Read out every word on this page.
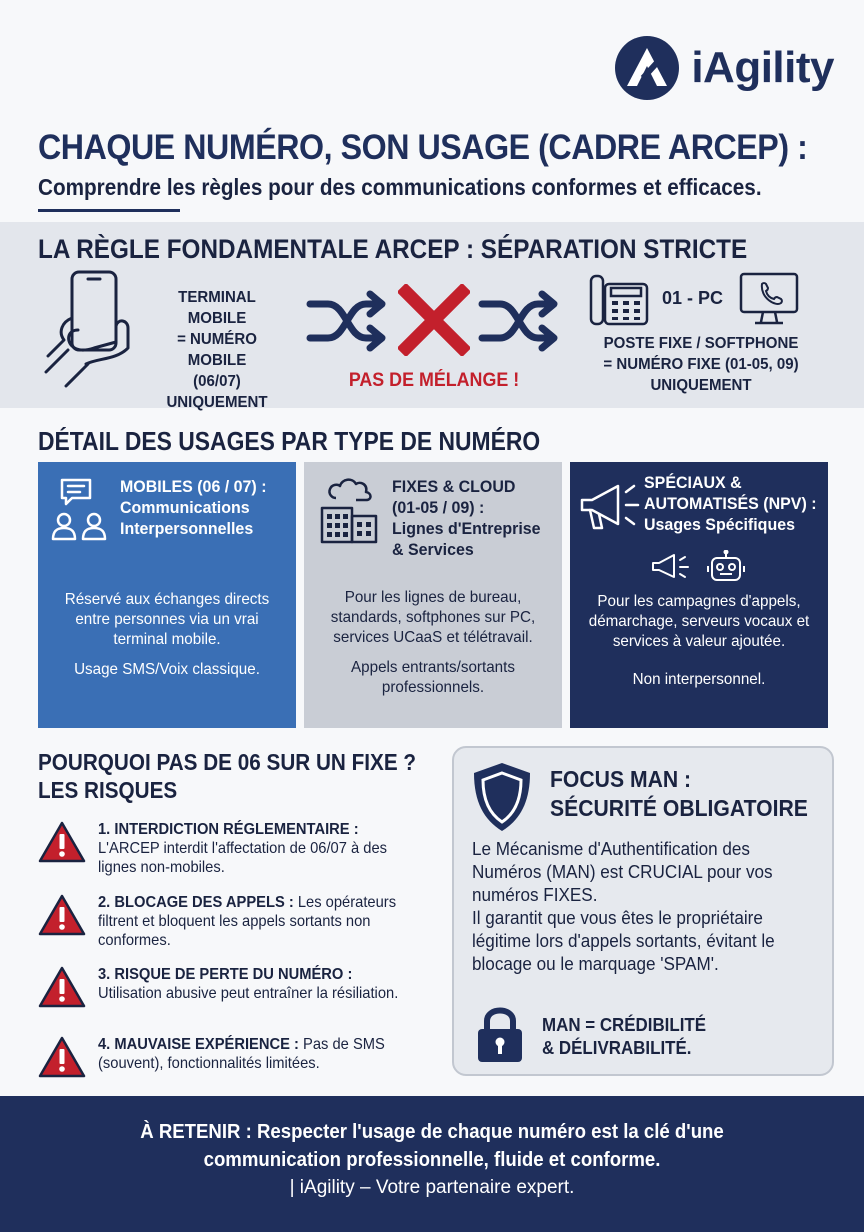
iAgility
CHAQUE NUMÉRO, SON USAGE (CADRE ARCEP) :
Comprendre les règles pour des communications conformes et efficaces.
LA RÈGLE FONDAMENTALE ARCEP : SÉPARATION STRICTE
TERMINAL
MOBILE
= NUMÉRO MOBILE
(06/07)
UNIQUEMENT
PAS DE MÉLANGE !
01 - PC
POSTE FIXE / SOFTPHONE
= NUMÉRO FIXE (01-05, 09)
UNIQUEMENT
DÉTAIL DES USAGES PAR TYPE DE NUMÉRO
MOBILES (06 / 07) :
Communications
Interpersonnelles

Réservé aux échanges directs entre personnes via un vrai terminal mobile.

Usage SMS/Voix classique.

FIXES & CLOUD
(01-05 / 09) :
Lignes d'Entreprise
& Services

Pour les lignes de bureau, standards, softphones sur PC, services UCaaS et télétravail.

Appels entrants/sortants professionnels.

SPÉCIAUX &
AUTOMATISÉS (NPV) :
Usages Spécifiques

Pour les campagnes d'appels, démarchage, serveurs vocaux et services à valeur ajoutée.

Non interpersonnel.

POURQUOI PAS DE 06 SUR UN FIXE ?
LES RISQUES
1. INTERDICTION RÉGLEMENTAIRE : L'ARCEP interdit l'affectation de 06/07 à des lignes non-mobiles.
2. BLOCAGE DES APPELS : Les opérateurs filtrent et bloquent les appels sortants non conformes.
3. RISQUE DE PERTE DU NUMÉRO : Utilisation abusive peut entraîner la résiliation.
4. MAUVAISE EXPÉRIENCE : Pas de SMS (souvent), fonctionnalités limitées.
FOCUS MAN :
SÉCURITÉ OBLIGATOIRE
Le Mécanisme d'Authentification des Numéros (MAN) est CRUCIAL pour vos numéros FIXES.
Il garantit que vous êtes le propriétaire légitime lors d'appels sortants, évitant le blocage ou le marquage 'SPAM'.
MAN = CRÉDIBILITÉ
& DÉLIVRABILITÉ.
À RETENIR : Respecter l'usage de chaque numéro est la clé d'une communication professionnelle, fluide et conforme.
| iAgility – Votre partenaire expert.
